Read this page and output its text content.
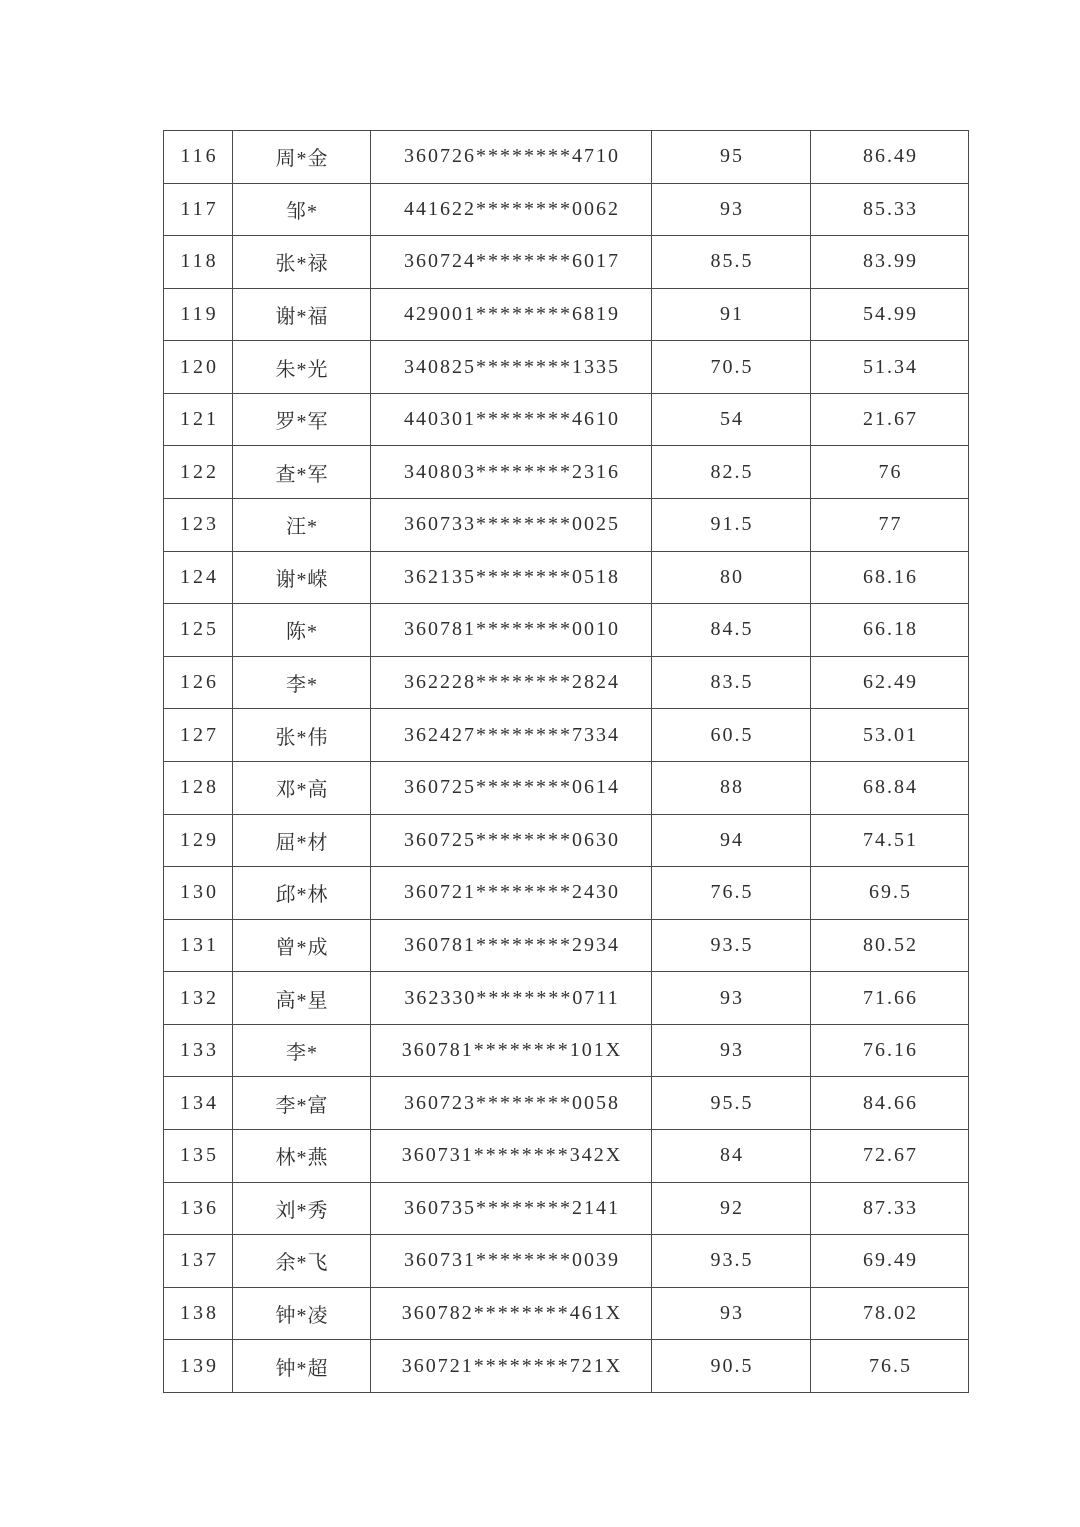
116	周*金	360726********4710	95	86.49
117	邹*	441622********0062	93	85.33
118	张*禄	360724********6017	85.5	83.99
119	谢*福	429001********6819	91	54.99
120	朱*光	340825********1335	70.5	51.34
121	罗*军	440301********4610	54	21.67
122	查*军	340803********2316	82.5	76
123	汪*	360733********0025	91.5	77
124	谢*嵘	362135********0518	80	68.16
125	陈*	360781********0010	84.5	66.18
126	李*	362228********2824	83.5	62.49
127	张*伟	362427********7334	60.5	53.01
128	邓*高	360725********0614	88	68.84
129	屈*材	360725********0630	94	74.51
130	邱*林	360721********2430	76.5	69.5
131	曾*成	360781********2934	93.5	80.52
132	高*星	362330********0711	93	71.66
133	李*	360781********101X	93	76.16
134	李*富	360723********0058	95.5	84.66
135	林*燕	360731********342X	84	72.67
136	刘*秀	360735********2141	92	87.33
137	余*飞	360731********0039	93.5	69.49
138	钟*凌	360782********461X	93	78.02
139	钟*超	360721********721X	90.5	76.5
